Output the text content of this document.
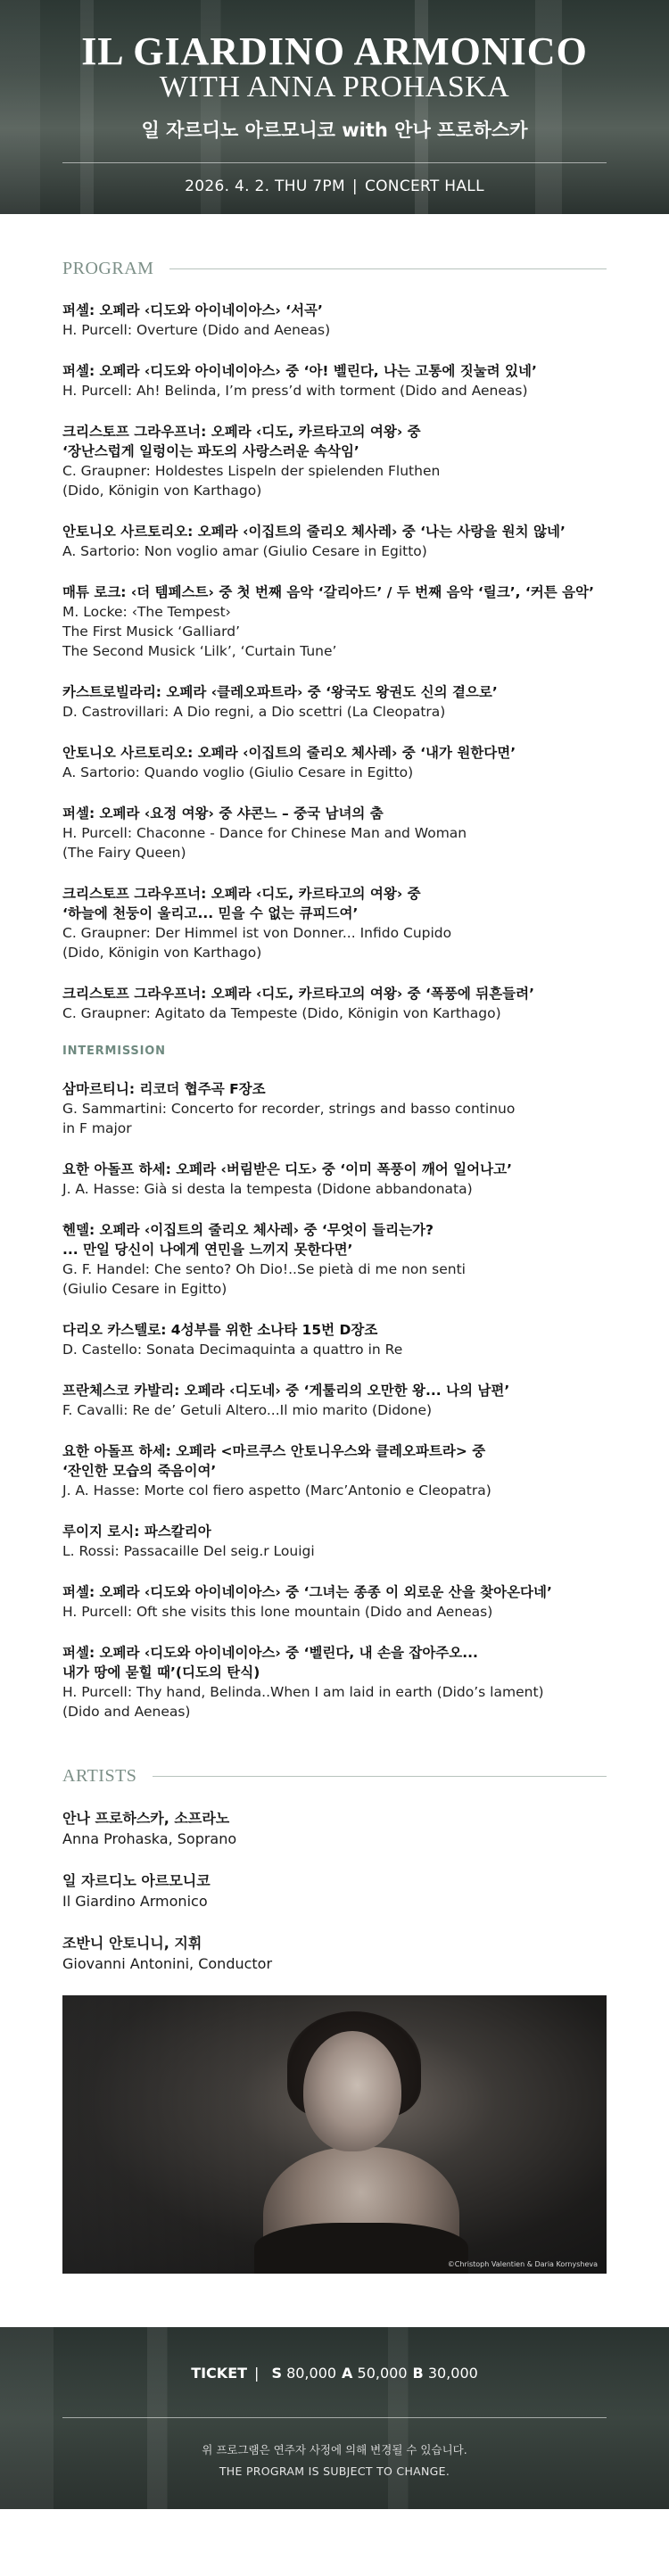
IL GIARDINO ARMONICO
WITH ANNA PROHASKA
일 자르디노 아르모니코 with 안나 프로하스카
2026. 4. 2. THU 7PM | CONCERT HALL
PROGRAM
퍼셀: 오페라 ‹디도와 아이네이아스› ‘서곡’
H. Purcell: Overture (Dido and Aeneas)
퍼셀: 오페라 ‹디도와 아이네이아스› 중 ‘아! 벨린다, 나는 고통에 짓눌려 있네’
H. Purcell: Ah! Belinda, I’m press’d with torment (Dido and Aeneas)
크리스토프 그라우프너: 오페라 ‹디도, 카르타고의 여왕› 중
‘장난스럽게 일렁이는 파도의 사랑스러운 속삭임’
C. Graupner: Holdestes Lispeln der spielenden Fluthen
(Dido, Königin von Karthago)
안토니오 사르토리오: 오페라 ‹이집트의 줄리오 체사레› 중 ‘나는 사랑을 원치 않네’
A. Sartorio: Non voglio amar (Giulio Cesare in Egitto)
매튜 로크: ‹더 템페스트› 중 첫 번째 음악 ‘갈리아드’ / 두 번째 음악 ‘릴크’, ‘커튼 음악’
M. Locke: ‹The Tempest›
The First Musick ‘Galliard’
The Second Musick ‘Lilk’, ‘Curtain Tune’
카스트로빌라리: 오페라 ‹클레오파트라› 중 ‘왕국도 왕권도 신의 곁으로’
D. Castrovillari: A Dio regni, a Dio scettri (La Cleopatra)
안토니오 사르토리오: 오페라 ‹이집트의 줄리오 체사레› 중 ‘내가 원한다면’
A. Sartorio: Quando voglio (Giulio Cesare in Egitto)
퍼셀: 오페라 ‹요정 여왕› 중 샤콘느 – 중국 남녀의 춤
H. Purcell: Chaconne - Dance for Chinese Man and Woman
(The Fairy Queen)
크리스토프 그라우프너: 오페라 ‹디도, 카르타고의 여왕› 중
‘하늘에 천둥이 울리고... 믿을 수 없는 큐피드여’
C. Graupner: Der Himmel ist von Donner... Infido Cupido
(Dido, Königin von Karthago)
크리스토프 그라우프너: 오페라 ‹디도, 카르타고의 여왕› 중 ‘폭풍에 뒤흔들려’
C. Graupner: Agitato da Tempeste (Dido, Königin von Karthago)
INTERMISSION
삼마르티니: 리코더 협주곡 F장조
G. Sammartini: Concerto for recorder, strings and basso continuo
in F major
요한 아돌프 하세: 오페라 ‹버림받은 디도› 중 ‘이미 폭풍이 깨어 일어나고’
J. A. Hasse: Già si desta la tempesta (Didone abbandonata)
헨델: 오페라 ‹이집트의 줄리오 체사레› 중 ‘무엇이 들리는가?
... 만일 당신이 나에게 연민을 느끼지 못한다면’
G. F. Handel: Che sento? Oh Dio!..Se pietà di me non senti
(Giulio Cesare in Egitto)
다리오 카스텔로: 4성부를 위한 소나타 15번 D장조
D. Castello: Sonata Decimaquinta a quattro in Re
프란체스코 카발리: 오페라 ‹디도네› 중 ‘게툴리의 오만한 왕... 나의 남편’
F. Cavalli: Re de’ Getuli Altero...Il mio marito (Didone)
요한 아돌프 하세: 오페라 <마르쿠스 안토니우스와 클레오파트라> 중
‘잔인한 모습의 죽음이여’
J. A. Hasse: Morte col fiero aspetto (Marc’Antonio e Cleopatra)
루이지 로시: 파스칼리아
L. Rossi: Passacaille Del seig.r Louigi
퍼셀: 오페라 ‹디도와 아이네이아스› 중 ‘그녀는 종종 이 외로운 산을 찾아온다네’
H. Purcell: Oft she visits this lone mountain (Dido and Aeneas)
퍼셀: 오페라 ‹디도와 아이네이아스› 중 ‘벨린다, 내 손을 잡아주오...
내가 땅에 묻힐 때’(디도의 탄식)
H. Purcell: Thy hand, Belinda..When I am laid in earth (Dido’s lament)
(Dido and Aeneas)
ARTISTS
안나 프로하스카, 소프라노
Anna Prohaska, Soprano
일 자르디노 아르모니코
Il Giardino Armonico
조반니 안토니니, 지휘
Giovanni Antonini, Conductor
©Christoph Valentien & Daria Kornysheva
TICKET | S 80,000 A 50,000 B 30,000
위 프로그램은 연주자 사정에 의해 변경될 수 있습니다.
THE PROGRAM IS SUBJECT TO CHANGE.
